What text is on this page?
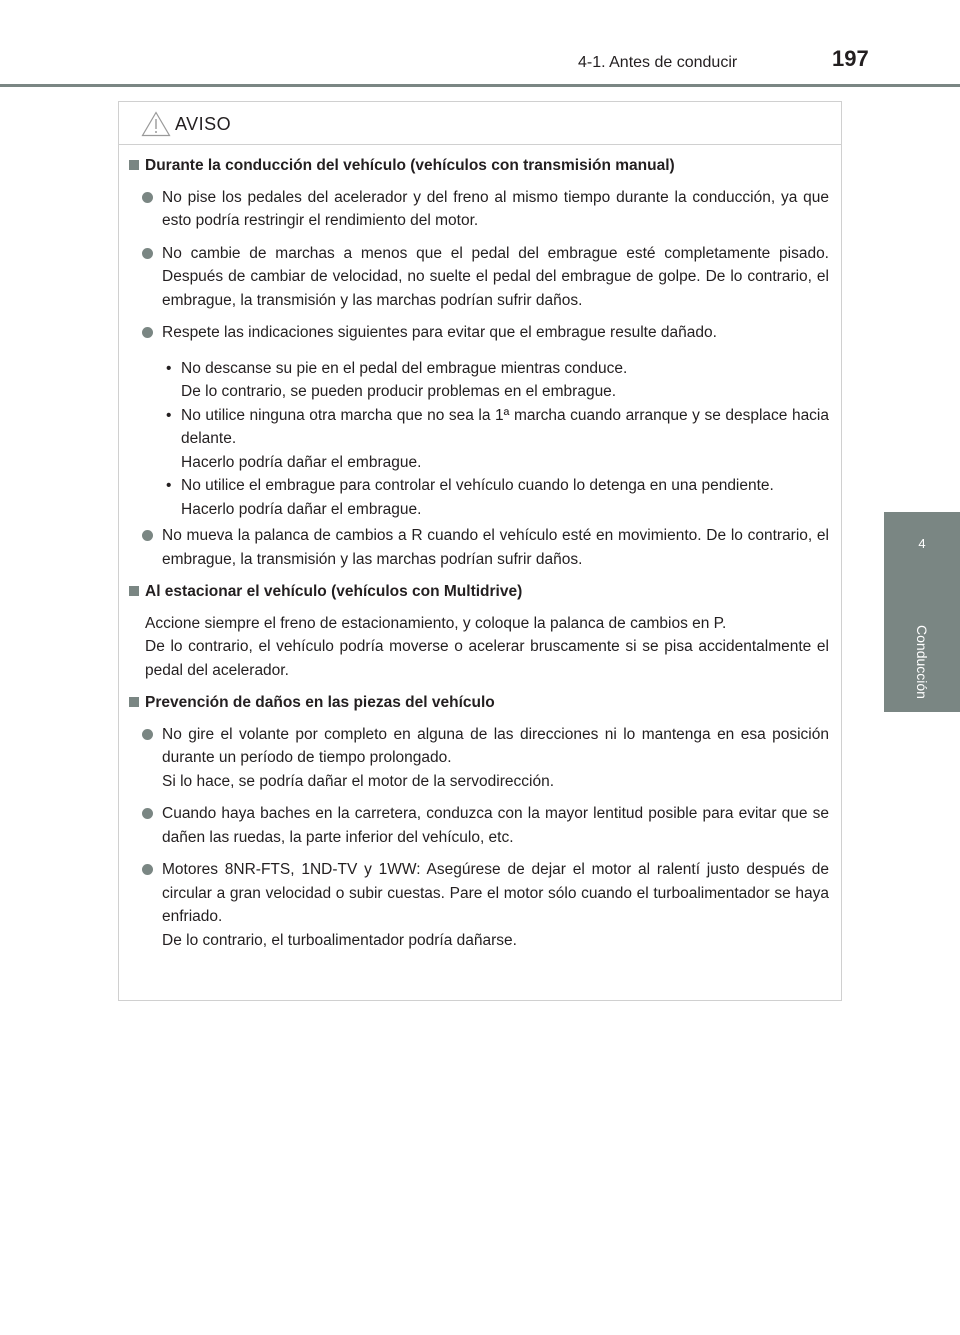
4-1. Antes de conducir	197
4
Conducción
AVISO
Durante la conducción del vehículo (vehículos con transmisión manual)
No pise los pedales del acelerador y del freno al mismo tiempo durante la conducción, ya que esto podría restringir el rendimiento del motor.
No cambie de marchas a menos que el pedal del embrague esté completamente pisado. Después de cambiar de velocidad, no suelte el pedal del embrague de golpe. De lo contrario, el embrague, la transmisión y las marchas podrían sufrir daños.
Respete las indicaciones siguientes para evitar que el embrague resulte dañado.
• No descanse su pie en el pedal del embrague mientras conduce.
De lo contrario, se pueden producir problemas en el embrague.
• No utilice ninguna otra marcha que no sea la 1ª marcha cuando arranque y se desplace hacia delante.
Hacerlo podría dañar el embrague.
• No utilice el embrague para controlar el vehículo cuando lo detenga en una pendiente.
Hacerlo podría dañar el embrague.
No mueva la palanca de cambios a R cuando el vehículo esté en movimiento. De lo contrario, el embrague, la transmisión y las marchas podrían sufrir daños.
Al estacionar el vehículo (vehículos con Multidrive)
Accione siempre el freno de estacionamiento, y coloque la palanca de cambios en P.
De lo contrario, el vehículo podría moverse o acelerar bruscamente si se pisa accidentalmente el pedal del acelerador.
Prevención de daños en las piezas del vehículo
No gire el volante por completo en alguna de las direcciones ni lo mantenga en esa posición durante un período de tiempo prolongado.
Si lo hace, se podría dañar el motor de la servodirección.
Cuando haya baches en la carretera, conduzca con la mayor lentitud posible para evitar que se dañen las ruedas, la parte inferior del vehículo, etc.
Motores 8NR-FTS, 1ND-TV y 1WW: Asegúrese de dejar el motor al ralentí justo después de circular a gran velocidad o subir cuestas. Pare el motor sólo cuando el turboalimentador se haya enfriado.
De lo contrario, el turboalimentador podría dañarse.
